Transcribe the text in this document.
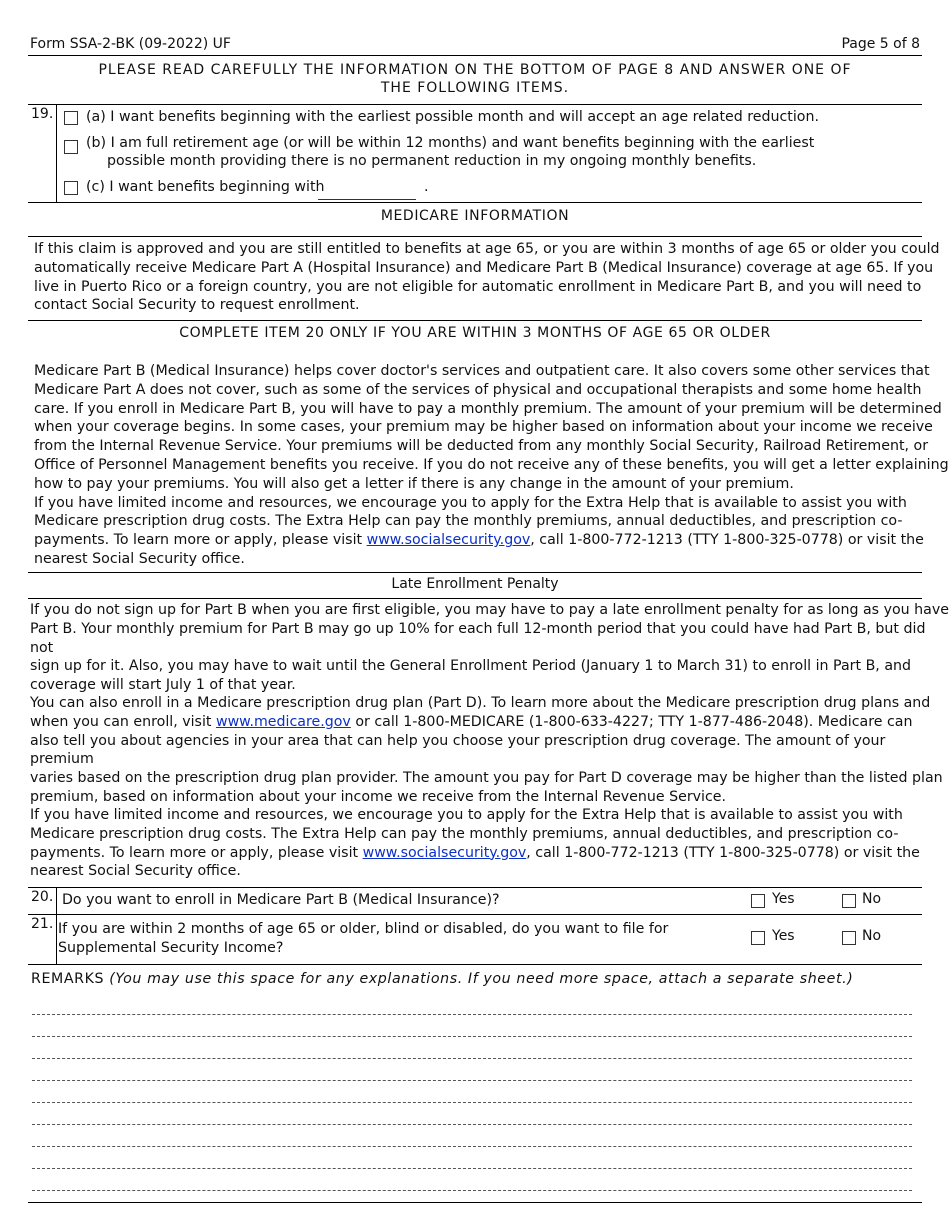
Form SSA-2-BK (09-2022) UF	Page 5 of 8
PLEASE READ CAREFULLY THE INFORMATION ON THE BOTTOM OF PAGE 8 AND ANSWER ONE OF
THE FOLLOWING ITEMS.
19. (a) I want benefits beginning with the earliest possible month and will accept an age related reduction.
(b) I am full retirement age (or will be within 12 months) and want benefits beginning with the earliest
possible month providing there is no permanent reduction in my ongoing monthly benefits.
(c) I want benefits beginning with	.
MEDICARE INFORMATION
If this claim is approved and you are still entitled to benefits at age 65, or you are within 3 months of age 65 or older you could
automatically receive Medicare Part A (Hospital Insurance) and Medicare Part B (Medical Insurance) coverage at age 65. If you
live in Puerto Rico or a foreign country, you are not eligible for automatic enrollment in Medicare Part B, and you will need to
contact Social Security to request enrollment.
COMPLETE ITEM 20 ONLY IF YOU ARE WITHIN 3 MONTHS OF AGE 65 OR OLDER
Medicare Part B (Medical Insurance) helps cover doctor's services and outpatient care. It also covers some other services that
Medicare Part A does not cover, such as some of the services of physical and occupational therapists and some home health
care. If you enroll in Medicare Part B, you will have to pay a monthly premium. The amount of your premium will be determined
when your coverage begins. In some cases, your premium may be higher based on information about your income we receive
from the Internal Revenue Service. Your premiums will be deducted from any monthly Social Security, Railroad Retirement, or
Office of Personnel Management benefits you receive. If you do not receive any of these benefits, you will get a letter explaining
how to pay your premiums. You will also get a letter if there is any change in the amount of your premium.
If you have limited income and resources, we encourage you to apply for the Extra Help that is available to assist you with
Medicare prescription drug costs. The Extra Help can pay the monthly premiums, annual deductibles, and prescription co-
payments. To learn more or apply, please visit www.socialsecurity.gov, call 1-800-772-1213 (TTY 1-800-325-0778) or visit the
nearest Social Security office.
Late Enrollment Penalty
If you do not sign up for Part B when you are first eligible, you may have to pay a late enrollment penalty for as long as you have
Part B. Your monthly premium for Part B may go up 10% for each full 12-month period that you could have had Part B, but did not
sign up for it. Also, you may have to wait until the General Enrollment Period (January 1 to March 31) to enroll in Part B, and
coverage will start July 1 of that year.
You can also enroll in a Medicare prescription drug plan (Part D). To learn more about the Medicare prescription drug plans and
when you can enroll, visit www.medicare.gov or call 1-800-MEDICARE (1-800-633-4227; TTY 1-877-486-2048). Medicare can
also tell you about agencies in your area that can help you choose your prescription drug coverage. The amount of your premium
varies based on the prescription drug plan provider. The amount you pay for Part D coverage may be higher than the listed plan
premium, based on information about your income we receive from the Internal Revenue Service.
If you have limited income and resources, we encourage you to apply for the Extra Help that is available to assist you with
Medicare prescription drug costs. The Extra Help can pay the monthly premiums, annual deductibles, and prescription co-
payments. To learn more or apply, please visit www.socialsecurity.gov, call 1-800-772-1213 (TTY 1-800-325-0778) or visit the
nearest Social Security office.
20. Do you want to enroll in Medicare Part B (Medical Insurance)?	Yes	No
21. If you are within 2 months of age 65 or older, blind or disabled, do you want to file for
Supplemental Security Income?
Yes	No
REMARKS (You may use this space for any explanations. If you need more space, attach a separate sheet.)
